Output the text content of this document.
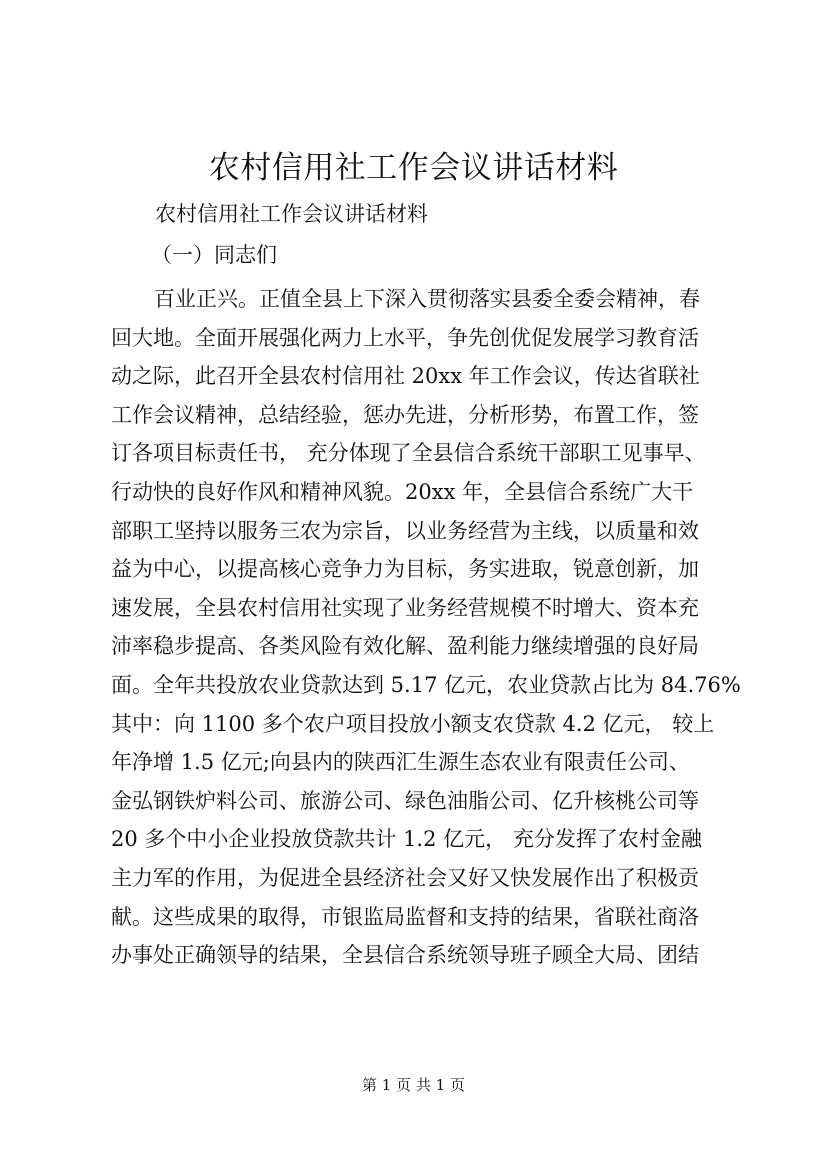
农村信用社工作会议讲话材料

农村信用社工作会议讲话材料

（一）同志们

百业正兴。正值全县上下深入贯彻落实县委全委会精神，春
回大地。全面开展强化两力上水平，争先创优促发展学习教育活
动之际，此召开全县农村信用社 20xx 年工作会议，传达省联社
工作会议精神，总结经验，惩办先进，分析形势，布置工作，签
订各项目标责任书， 充分体现了全县信合系统干部职工见事早、
行动快的良好作风和精神风貌。20xx 年，全县信合系统广大干
部职工坚持以服务三农为宗旨，以业务经营为主线，以质量和效
益为中心，以提高核心竞争力为目标，务实进取，锐意创新，加
速发展，全县农村信用社实现了业务经营规模不时增大、资本充
沛率稳步提高、各类风险有效化解、盈利能力继续增强的良好局
面。全年共投放农业贷款达到 5.17 亿元，农业贷款占比为 84.76%
其中：向 1100 多个农户项目投放小额支农贷款 4.2 亿元， 较上
年净增 1.5 亿元;向县内的陕西汇生源生态农业有限责任公司、
金弘钢铁炉料公司、旅游公司、绿色油脂公司、亿升核桃公司等
20 多个中小企业投放贷款共计 1.2 亿元， 充分发挥了农村金融
主力军的作用，为促进全县经济社会又好又快发展作出了积极贡
献。这些成果的取得，市银监局监督和支持的结果，省联社商洛
办事处正确领导的结果，全县信合系统领导班子顾全大局、团结
第 1 页 共 1 页
